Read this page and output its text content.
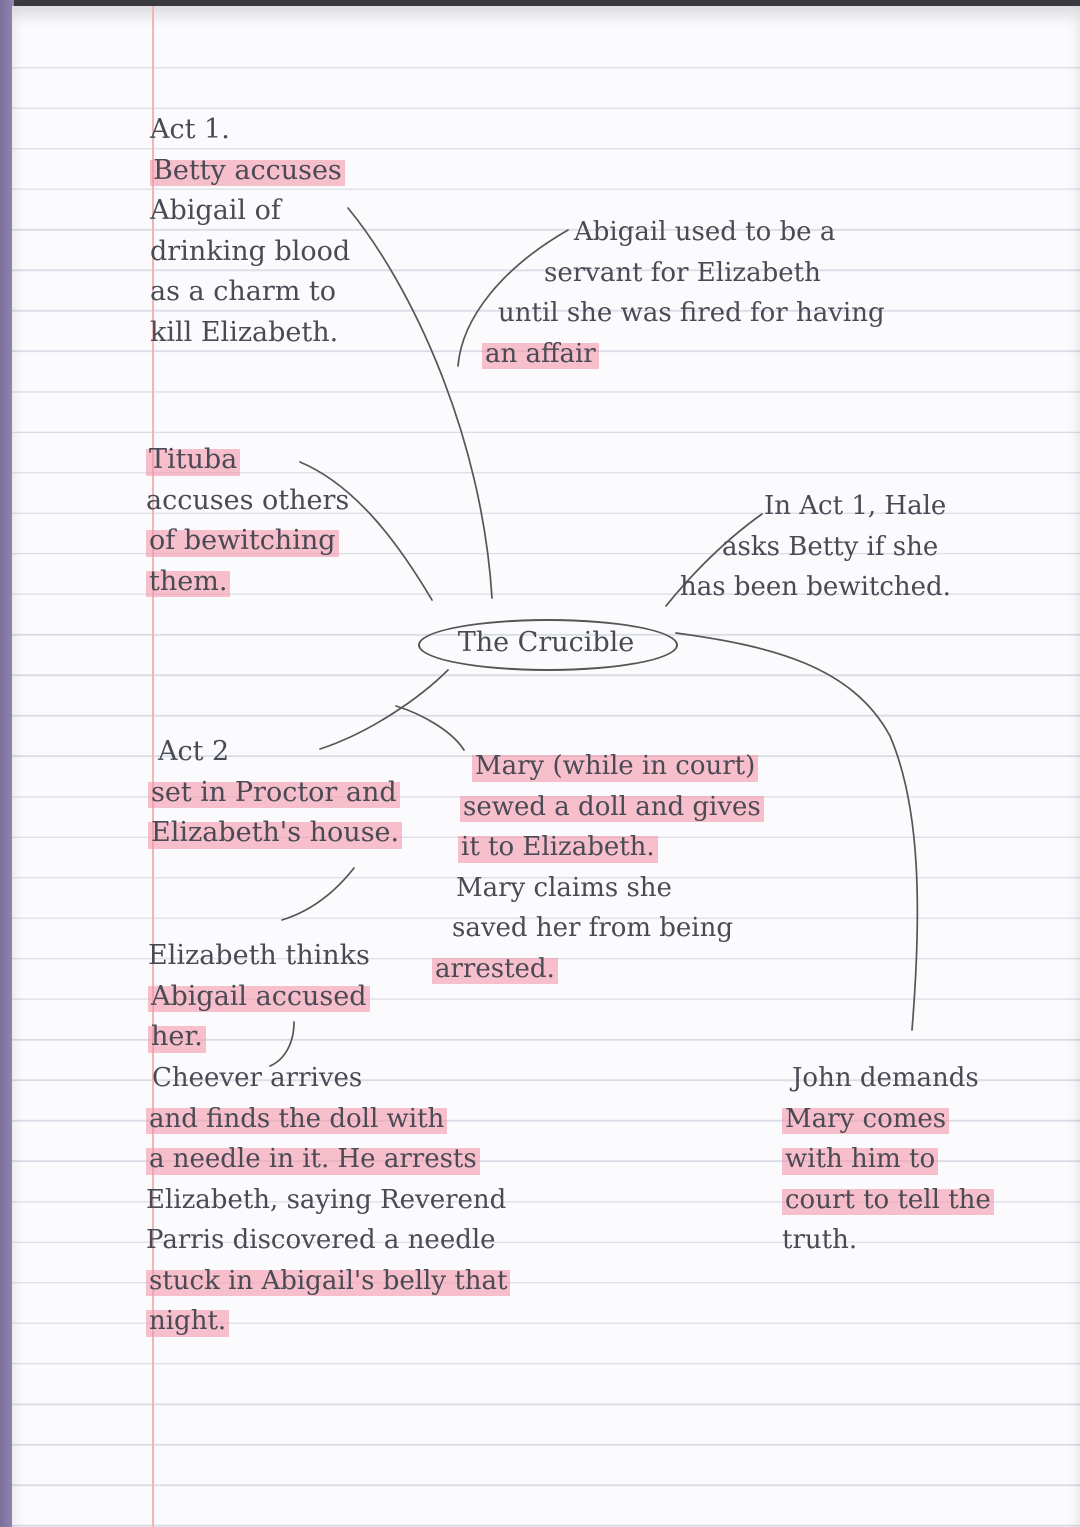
The Crucible
Act 1.
Betty accuses
Abigail of
drinking blood
as a charm to
kill Elizabeth.
Abigail used to be a
servant for Elizabeth
until she was fired for having
an affair
Tituba
accuses others
of bewitching
them.
In Act 1, Hale
asks Betty if she
has been bewitched.
Act 2
set in Proctor and
Elizabeth's house.
Mary (while in court)
sewed a doll and gives
it to Elizabeth.
Mary claims she
saved her from being
arrested.
Elizabeth thinks
Abigail accused
her.
Cheever arrives
and finds the doll with
a needle in it. He arrests
Elizabeth, saying Reverend
Parris discovered a needle
stuck in Abigail's belly that
night.
John demands
Mary comes
with him to
court to tell the
truth.
